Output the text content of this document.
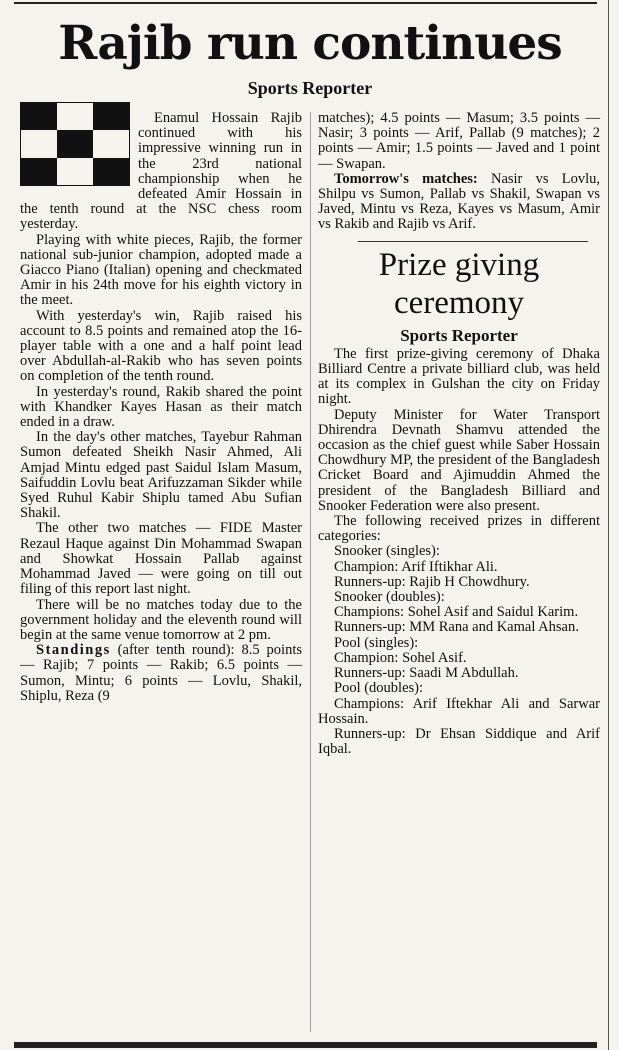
Rajib run continues
Sports Reporter

Enamul Hossain Rajib continued with his impressive winning run in the 23rd national championship when he defeated Amir Hossain in the tenth round at the NSC chess room yesterday.

Playing with white pieces, Rajib, the former national sub-junior champion, adopted made a Giacco Piano (Italian) opening and checkmated Amir in his 24th move for his eighth victory in the meet.

With yesterday's win, Rajib raised his account to 8.5 points and remained atop the 16-player table with a one and a half point lead over Abdullah-al-Rakib who has seven points on completion of the tenth round.

In yesterday's round, Rakib shared the point with Khandker Kayes Hasan as their match ended in a draw.

In the day's other matches, Tayebur Rahman Sumon defeated Sheikh Nasir Ahmed, Ali Amjad Mintu edged past Saidul Islam Masum, Saifuddin Lovlu beat Arifuzzaman Sikder while Syed Ruhul Kabir Shiplu tamed Abu Sufian Shakil.

The other two matches — FIDE Master Rezaul Haque against Din Mohammad Swapan and Showkat Hossain Pallab against Mohammad Javed — were going on till out filing of this report last night.

There will be no matches today due to the government holiday and the eleventh round will begin at the same venue tomorrow at 2 pm.

Standings (after tenth round): 8.5 points — Rajib; 7 points — Rakib; 6.5 points — Sumon, Mintu; 6 points — Lovlu, Shakil, Shiplu, Reza (9

matches); 4.5 points — Masum; 3.5 points — Nasir; 3 points — Arif, Pallab (9 matches); 2 points — Amir; 1.5 points — Javed and 1 point — Swapan.

Tomorrow's matches: Nasir vs Lovlu, Shilpu vs Sumon, Pallab vs Shakil, Swapan vs Javed, Mintu vs Reza, Kayes vs Masum, Amir vs Rakib and Rajib vs Arif.

Prize giving ceremony
Sports Reporter

The first prize-giving ceremony of Dhaka Billiard Centre a private billiard club, was held at its complex in Gulshan the city on Friday night.

Deputy Minister for Water Transport Dhirendra Devnath Shamvu attended the occasion as the chief guest while Saber Hossain Chowdhury MP, the president of the Bangladesh Cricket Board and Ajimuddin Ahmed the president of the Bangladesh Billiard and Snooker Federation were also present.

The following received prizes in different categories:

Snooker (singles):

Champion: Arif Iftikhar Ali.

Runners-up: Rajib H Chowdhury.

Snooker (doubles):

Champions: Sohel Asif and Saidul Karim.

Runners-up: MM Rana and Kamal Ahsan.

Pool (singles):

Champion: Sohel Asif.

Runners-up: Saadi M Abdullah.

Pool (doubles):

Champions: Arif Iftekhar Ali and Sarwar Hossain.

Runners-up: Dr Ehsan Siddique and Arif Iqbal.
